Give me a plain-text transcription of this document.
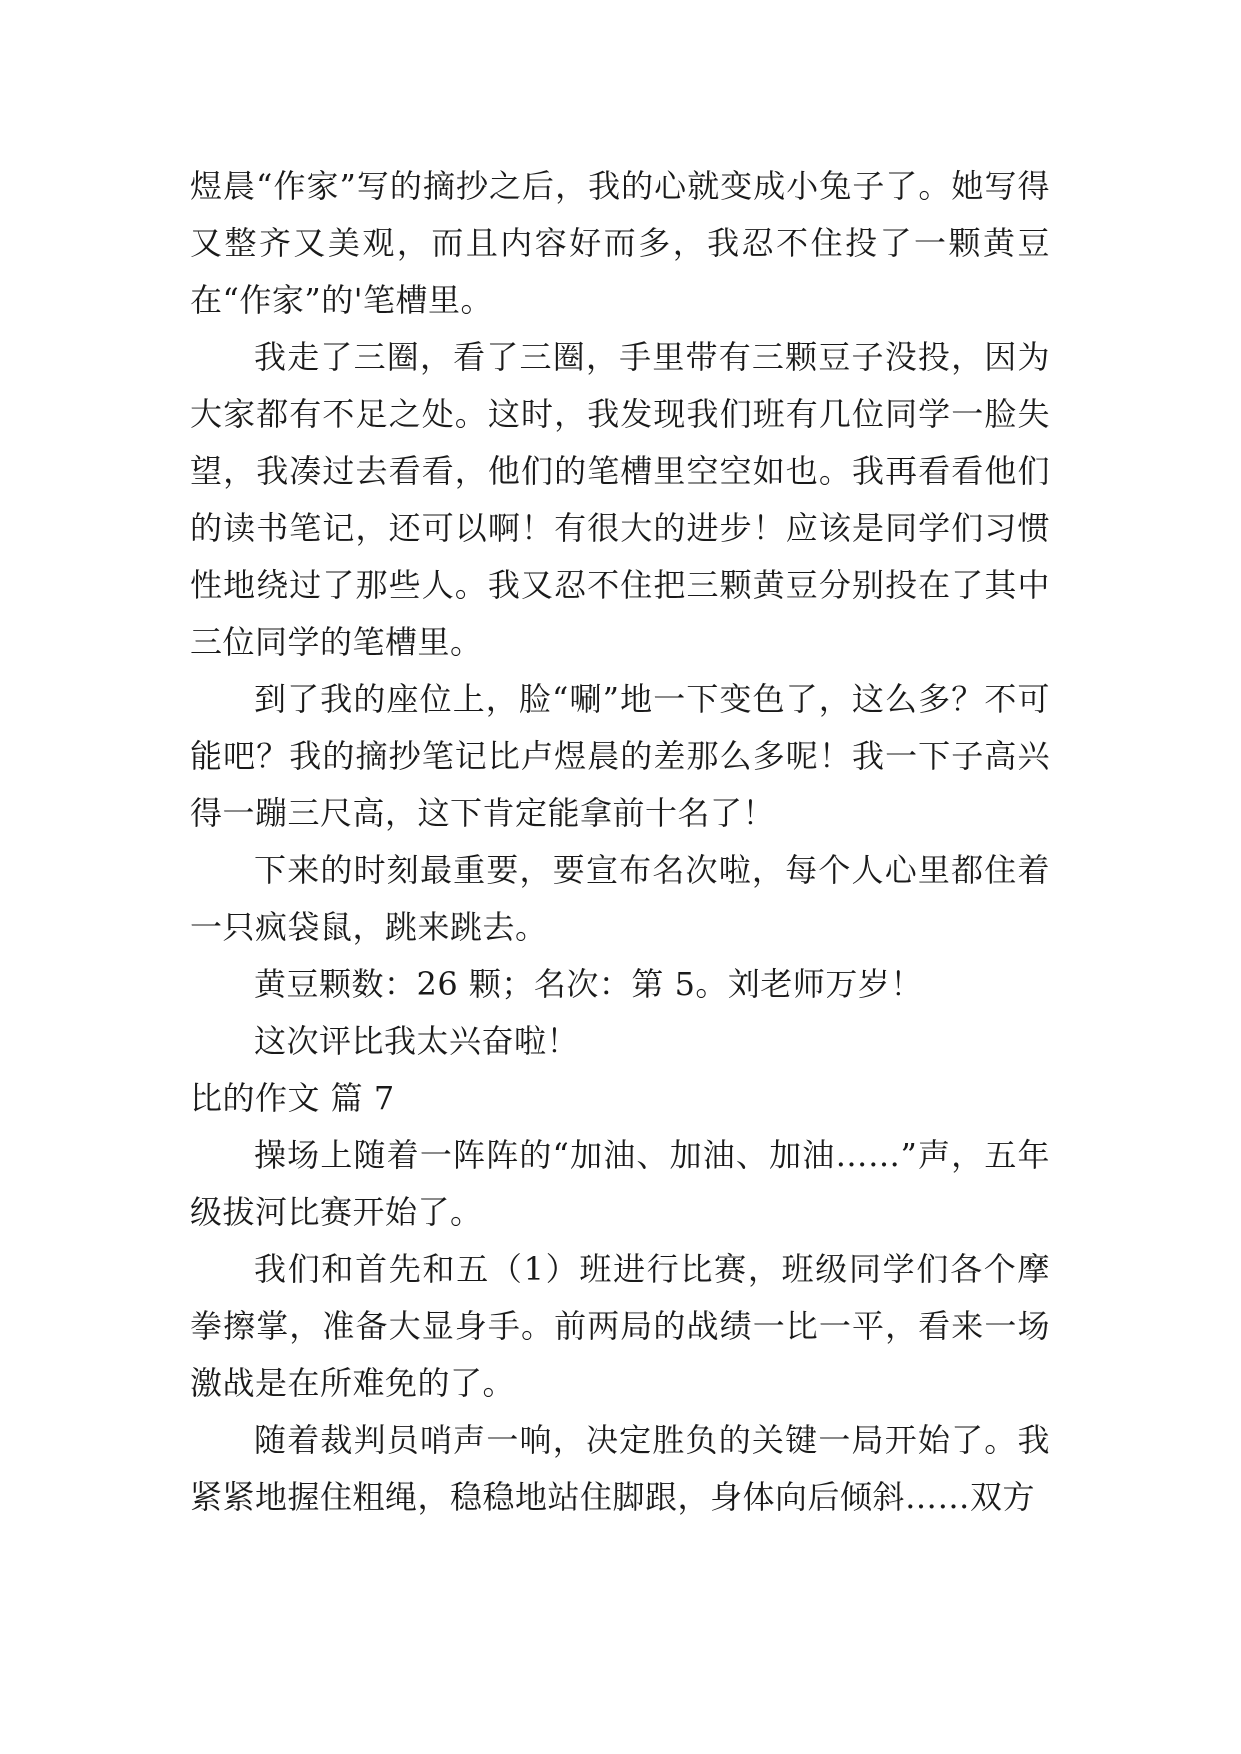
煜晨“作家”写的摘抄之后，我的心就变成小兔子了。她写得又整齐又美观，而且内容好而多，我忍不住投了一颗黄豆在“作家”的'笔槽里。

我走了三圈，看了三圈，手里带有三颗豆子没投，因为大家都有不足之处。这时，我发现我们班有几位同学一脸失望，我凑过去看看，他们的笔槽里空空如也。我再看看他们的读书笔记，还可以啊！有很大的进步！应该是同学们习惯性地绕过了那些人。我又忍不住把三颗黄豆分别投在了其中三位同学的笔槽里。

到了我的座位上，脸“唰”地一下变色了，这么多？不可能吧？我的摘抄笔记比卢煜晨的差那么多呢！我一下子高兴得一蹦三尺高，这下肯定能拿前十名了！

下来的时刻最重要，要宣布名次啦，每个人心里都住着一只疯袋鼠，跳来跳去。

黄豆颗数：26 颗；名次：第 5。刘老师万岁！

这次评比我太兴奋啦！

比的作文 篇 7

操场上随着一阵阵的“加油、加油、加油……”声，五年级拔河比赛开始了。

我们和首先和五（1）班进行比赛，班级同学们各个摩拳擦掌，准备大显身手。前两局的战绩一比一平，看来一场激战是在所难免的了。

随着裁判员哨声一响，决定胜负的关键一局开始了。我紧紧地握住粗绳，稳稳地站住脚跟，身体向后倾斜……双方
